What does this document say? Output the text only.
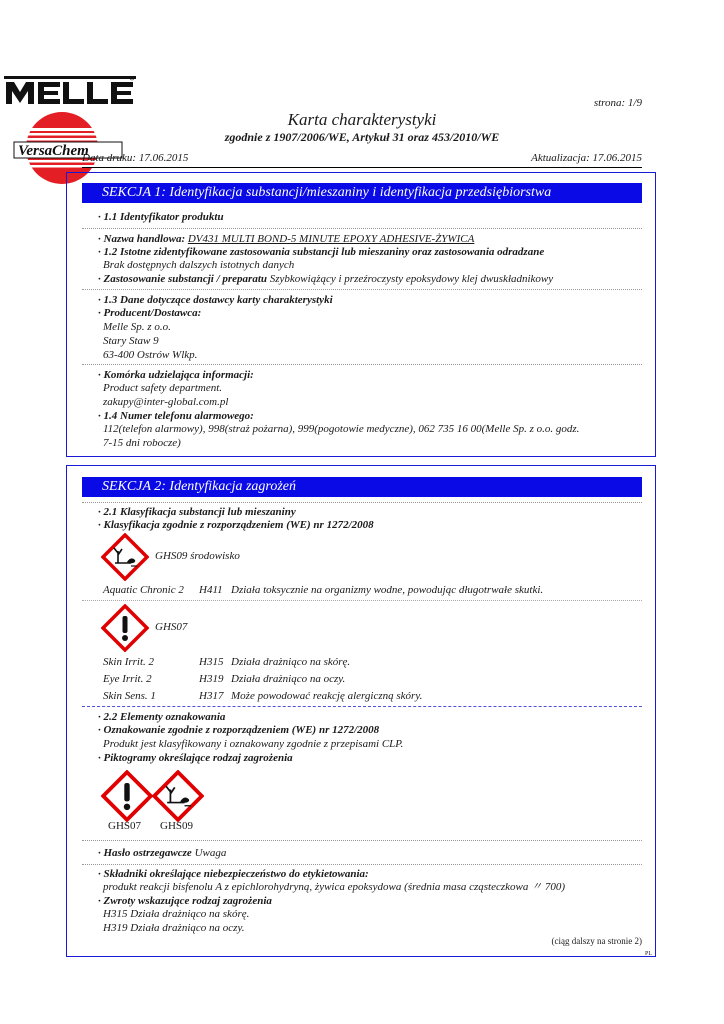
VersaChem
strona: 1/9
Karta charakterystyki
zgodnie z 1907/2006/WE, Artykuł 31 oraz 453/2010/WE
Data druku: 17.06.2015	Aktualizacja: 17.06.2015
SEKCJA 1: Identyfikacja substancji/mieszaniny i identyfikacja przedsiębiorstwa
· 1.1 Identyfikator produktu
· Nazwa handlowa: DV431 MULTI BOND-5 MINUTE EPOXY ADHESIVE-ŻYWICA
· 1.2 Istotne zidentyfikowane zastosowania substancji lub mieszaniny oraz zastosowania odradzane
Brak dostępnych dalszych istotnych danych
· Zastosowanie substancji / preparatu Szybkowiążący i przeźroczysty epoksydowy klej dwuskładnikowy
· 1.3 Dane dotyczące dostawcy karty charakterystyki
· Producent/Dostawca:
Melle Sp. z o.o.
Stary Staw 9
63-400 Ostrów Wlkp.
· Komórka udzielająca informacji:
Product safety department.
zakupy@inter-global.com.pl
· 1.4 Numer telefonu alarmowego:
112(telefon alarmowy), 998(straż pożarna), 999(pogotowie medyczne), 062 735 16 00(Melle Sp. z o.o. godz.
7-15 dni robocze)
SEKCJA 2: Identyfikacja zagrożeń
· 2.1 Klasyfikacja substancji lub mieszaniny
· Klasyfikacja zgodnie z rozporządzeniem (WE) nr 1272/2008
GHS09 środowisko
Aquatic Chronic 2 H411 Działa toksycznie na organizmy wodne, powodując długotrwałe skutki.
GHS07
Skin Irrit. 2	H315 Działa drażniąco na skórę.
Eye Irrit. 2	H319 Działa drażniąco na oczy.
Skin Sens. 1	H317 Może powodować reakcję alergiczną skóry.
· 2.2 Elementy oznakowania
· Oznakowanie zgodnie z rozporządzeniem (WE) nr 1272/2008
Produkt jest klasyfikowany i oznakowany zgodnie z przepisami CLP.
· Piktogramy określające rodzaj zagrożenia
GHS07 GHS09
· Hasło ostrzegawcze Uwaga
· Składniki określające niebezpieczeństwo do etykietowania:
produkt reakcji bisfenolu A z epichlorohydryną, żywica epoksydowa (średnia masa cząsteczkowa 〃 700)
· Zwroty wskazujące rodzaj zagrożenia
H315 Działa drażniąco na skórę.
H319 Działa drażniąco na oczy.
(ciąg dalszy na stronie 2)
PL
